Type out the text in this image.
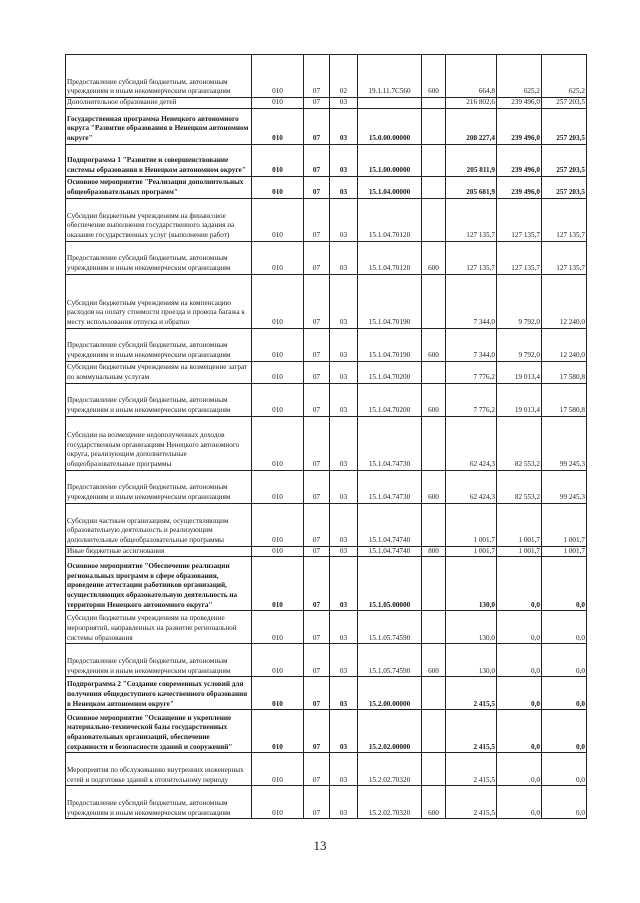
Предоставление субсидий бюджетным, автономным учреждениям и иным некоммерческим организациям	010	07	02	19.1.11.7С560	600	664,8	625,2	625,2
Дополнительное образование детей	010	07	03			216 802,6	239 496,0	257 203,5
Государственная программа Ненецкого автономного округа "Развитие образования в Ненецком автономном округе"	010	07	03	15.0.00.00000		208 227,4	239 496,0	257 203,5
Подпрограмма 1 "Развитие и совершенствование системы образования в Ненецком автономном округе"	010	07	03	15.1.00.00000		205 811,9	239 496,0	257 203,5
Основное мероприятие "Реализация дополнительных общеобразовательных программ"	010	07	03	15.1.04.00000		205 681,9	239 496,0	257 203,5
Субсидии бюджетным учреждениям на финансовое обеспечение выполнения государственного задания на оказание государственных услуг (выполнение работ)	010	07	03	15.1.04.70120		127 135,7	127 135,7	127 135,7
Предоставление субсидий бюджетным, автономным учреждениям и иным некоммерческим организациям	010	07	03	15.1.04.70120	600	127 135,7	127 135,7	127 135,7
Субсидии бюджетным учреждениям на компенсацию расходов на оплату стоимости проезда и провоза багажа к месту использования отпуска и обратно	010	07	03	15.1.04.70190		7 344,0	9 792,0	12 240,0
Предоставление субсидий бюджетным, автономным учреждениям и иным некоммерческим организациям	010	07	03	15.1.04.70190	600	7 344,0	9 792,0	12 240,0
Субсидии бюджетным учреждениям на возмещение затрат по коммунальным услугам	010	07	03	15.1.04.70200		7 776,2	19 013,4	17 580,8
Предоставление субсидий бюджетным, автономным учреждениям и иным некоммерческим организациям	010	07	03	15.1.04.70200	600	7 776,2	19 013,4	17 580,8
Субсидии на возмещение недополученных доходов государственным организациям Ненецкого автономного округа, реализующим дополнительные общеобразовательные программы	010	07	03	15.1.04.74730		62 424,3	82 553,2	99 245,3
Предоставление субсидий бюджетным, автономным учреждениям и иным некоммерческим организациям	010	07	03	15.1.04.74730	600	62 424,3	82 553,2	99 245,3
Субсидии частным организациям, осуществляющим образовательную деятельность и реализующим дополнительные общеобразовательные программы	010	07	03	15.1.04.74740		1 001,7	1 001,7	1 001,7
Иные бюджетные ассигнования	010	07	03	15.1.04.74740	800	1 001,7	1 001,7	1 001,7
Основное мероприятие "Обеспечение реализации региональных программ в сфере образования, проведение аттестации работников организаций, осуществляющих образовательную деятельность на территории Ненецкого автономного округа"	010	07	03	15.1.05.00000		130,0	0,0	0,0
Субсидии бюджетным учреждениям на проведение мероприятий, направленных на развитие региональной системы образования	010	07	03	15.1.05.74590		130,0	0,0	0,0
Предоставление субсидий бюджетным, автономным учреждениям и иным некоммерческим организациям	010	07	03	15.1.05.74590	600	130,0	0,0	0,0
Подпрограмма 2 "Создание современных условий для получения общедоступного качественного образования в Ненецком автономном округе"	010	07	03	15.2.00.00000		2 415,5	0,0	0,0
Основное мероприятие "Оснащение и укрепление материально-технической базы государственных образовательных организаций, обеспечение сохранности и безопасности зданий и сооружений"	010	07	03	15.2.02.00000		2 415,5	0,0	0,0
Мероприятия по обслуживанию внутренних инженерных сетей и подготовке зданий к отопительному периоду	010	07	03	15.2.02.70320		2 415,5	0,0	0,0
Предоставление субсидий бюджетным, автономным учреждениям и иным некоммерческим организациям	010	07	03	15.2.02.70320	600	2 415,5	0,0	0,0
13
